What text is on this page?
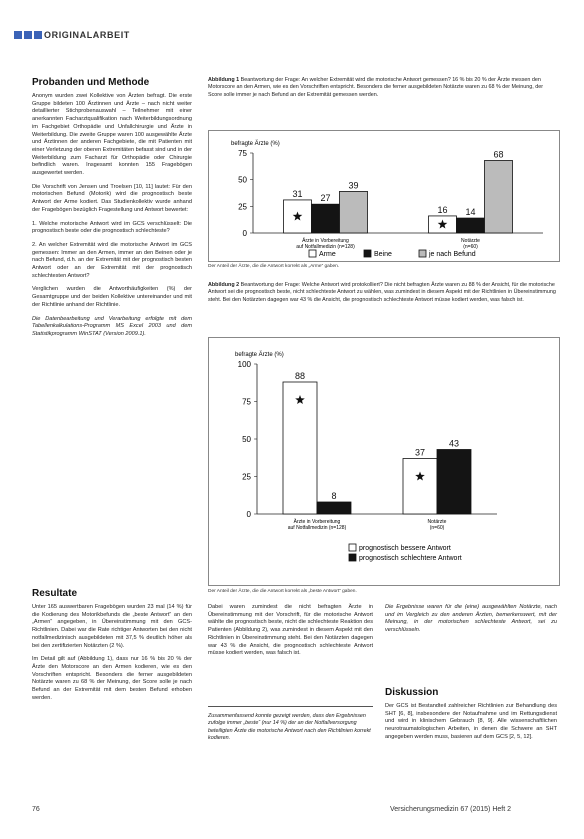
ORIGINALARBEIT
Probanden und Methode

Anonym wurden zwei Kollektive von Ärzten befragt. Die erste Gruppe bildeten 100 Ärztinnen und Ärzte – nach nicht weiter detaillierter Stichprobenauswahl – Teilnehmer mit einer anerkannten Facharztqualifikation nach Weiterbildungsordnung im Fachgebiet Orthopädie und Unfallchirurgie und Ärzte in Weiterbildung. Die zweite Gruppe waren 100 ausgewählte Ärzte und Ärztinnen der anderen Fachgebiete, die mit Patienten mit einer Verletzung der oberen Extremitäten befasst sind und in der Weiterbildung zum Facharzt für Orthopädie oder Chirurgie befindlich waren. Insgesamt konnten 155 Fragebögen ausgewertet werden.

Die Vorschrift von Jensen und Troelsen [10, 11] lautet: Für den motorischen Befund (Motorik) wird die prognostisch beste Antwort der Arme kodiert. Das Studienkollektiv wurde anhand der Fragebögen bezüglich Fragestellung und Antwort bewertet:

1. Welche motorische Antwort wird im GCS verschlüsselt: Die prognostisch beste oder die prognostisch schlechteste?

2. An welcher Extremität wird die motorische Antwort im GCS gemessen: Immer an den Armen, immer an den Beinen oder je nach Befund, d.h. an der Extremität mit der prognostisch besten Antwort oder an der Extremität mit der prognostisch schlechtesten Antwort?

Verglichen wurden die Antworthäufigkeiten (%) der Gesamtgruppe und der beiden Kollektive untereinander und mit der Richtlinie anhand der Richtlinie.

Die Datenbearbeitung und Verarbeitung erfolgte mit dem Tabellenkalkulations-Programm MS Excel 2003 und dem Statistikprogramm WinSTAT (Version 2009.1).

Resultate

Unter 165 auswertbaren Fragebögen wurden 23 mal (14 %) für die Kodierung des Motorikbefunds die „beste Antwort“ an den „Armen“ angegeben, in Übereinstimmung mit den GCS-Richtlinien. Dabei war die Rate richtiger Antworten bei den nicht notfallmedizinisch ausgebildeten mit 37,5 % deutlich höher als bei den zertifizierten Notärzten (2 %).

Im Detail gilt auf (Abbildung 1), dass nur 16 % bis 20 % der Ärzte den Motorscore an den Armen kodieren, wie es den Vorschriften entspricht. Besonders die ferner ausgebildeten Notärzte waren zu 68 % der Meinung, der Score solle je nach Befund an der Extremität mit dem besten Befund erhoben werden.

Abbildung 1 Beantwortung der Frage: An welcher Extremität wird die motorische Antwort gemessen? 16 % bis 20 % der Ärzte messen den Motorscore an den Armen, wie es den Vorschriften entspricht. Besonders die ferner ausgebildeten Notärzte waren zu 68 % der Meinung, der Score solle immer je nach Befund an der Extremität gemessen werden.
befragte Ärzte (%)
0
25
50
75
31 27
39
Ärzte in Vorbereitung
auf Notfallmedizin (n=128)
16 14
68
Notärzte
(n=60)
Arme	Beine	je nach Befund
Der Anteil der Ärzte, die die Antwort korrekt als „Arme“ gaben.
Abbildung 2 Beantwortung der Frage: Welche Antwort wird protokolliert? Die nicht befragten Ärzte waren zu 88 % der Ansicht, für die motorische Antwort sei die prognostisch beste, nicht schlechteste Antwort zu wählen, was zumindest in diesem Aspekt mit der Richtlinien in Übereinstimmung steht. Bei den Notärzten dagegen war 43 % die Ansicht, die prognostisch schlechteste Antwort müsse kodiert werden, was falsch ist.
befragte Ärzte (%)
0
25
50
75
100
88
8
Ärzte in Vorbereitung
auf Notfallmedizin (n=128)
37
43
Notärzte
(n=60)
prognostisch bessere Antwort
prognostisch schlechtere Antwort
Der Anteil der Ärzte, die die Antwort korrekt als „beste Antwort“ gaben.
Dabei waren zumindest die nicht befragten Ärzte in Übereinstimmung mit der Vorschrift, für die motorische Antwort wählte die prognostisch beste, nicht die schlechteste Reaktion des Patienten (Abbildung 2), was zumindest in diesem Aspekt mit den Richtlinien in Übereinstimmung steht. Bei den Notärzten dagegen war 43 % die Ansicht, die prognostisch schlechteste Antwort müsse kodiert werden, was falsch ist.
Zusammenfassend konnte gezeigt werden, dass den Ergebnissen zufolge immer „beste“ (nur 14 %) der an der Notfallversorgung beteiligten Ärzte die motorische Antwort nach den Richtlinien korrekt kodieren.
Die Ergebnisse waren für die (eine) ausgewählten Notärzte, nach und im Vergleich zu den anderen Ärzten, bemerkenswert, mit der Meinung, in der motorischen schlechteste Antwort, sei zu verschlüsseln.
Diskussion
Der GCS ist Bestandteil zahlreicher Richtlinien zur Behandlung des SHT [6, 8], insbesondere der Notaufnahme und im Rettungsdienst und wird in klinischem Gebrauch [8, 9]. Alle wissenschaftlichen neurotraumatologischen Arbeiten, in denen die Schwere an SHT angegeben werden muss, basieren auf dem GCS [2, 5, 12].
76	Versicherungsmedizin 67 (2015) Heft 2
